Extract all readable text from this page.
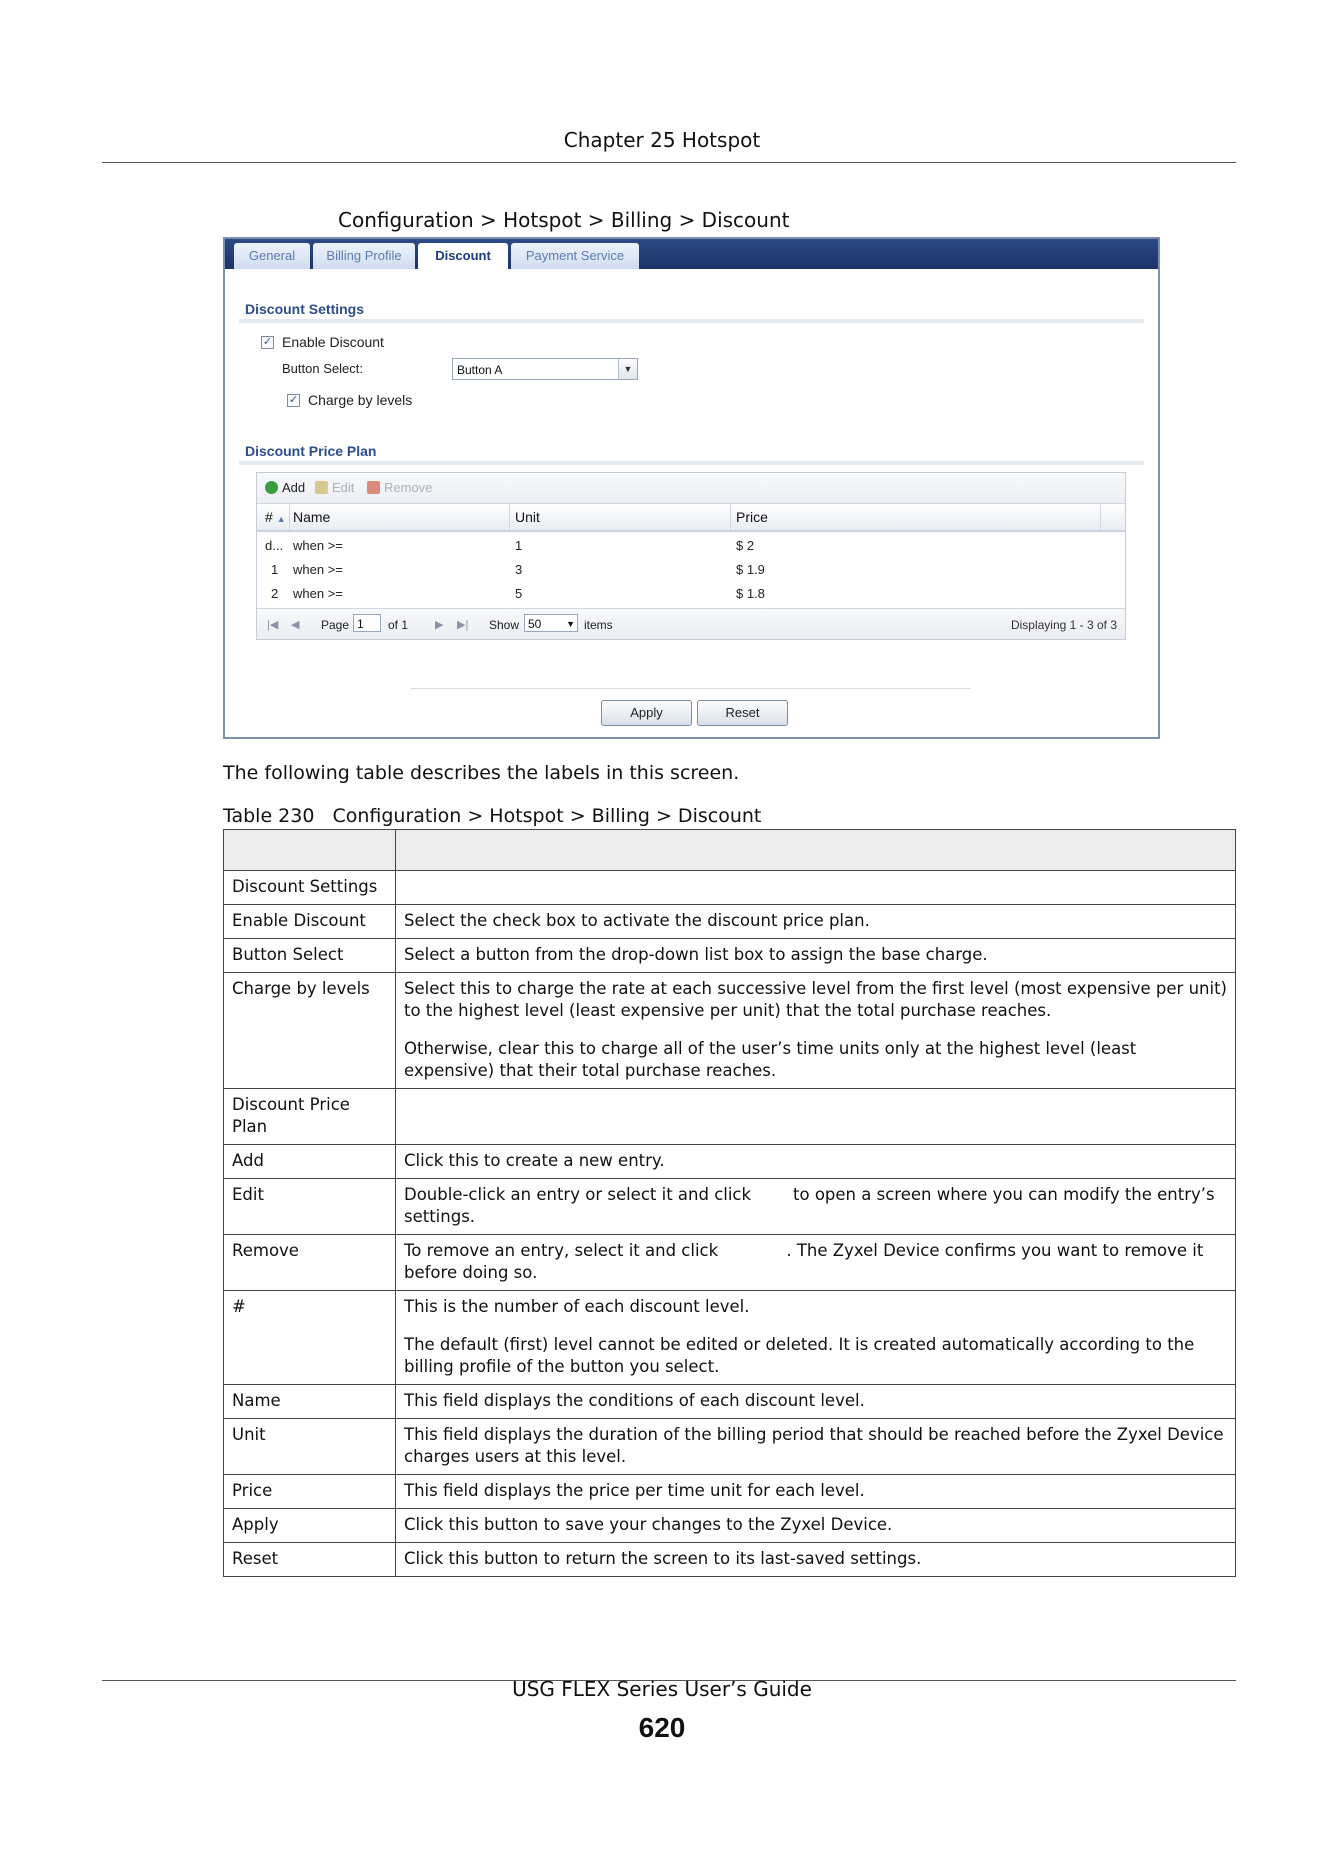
Chapter 25 Hotspot
Configuration > Hotspot > Billing > Discount
General	Billing Profile	Discount	Payment Service
Discount Settings
✓ Enable Discount
Button Select:	Button A	▼
✓ Charge by levels
Discount Price Plan
Add Edit Remove
# ▲ Name	Unit	Price
d... when >=	1	$ 2
1 when >=	3	$ 1.9
2 when >=	5	$ 1.8
|◀ ◀ Page 1	of 1 ▶ ▶| Show 50	▼ items	Displaying 1 - 3 of 3
Apply	Reset
The following table describes the labels in this screen.
Table 230 Configuration > Hotspot > Billing > Discount

Discount Settings	
Enable Discount	Select the check box to activate the discount price plan.

Button Select	Select a button from the drop-down list box to assign the base charge.

Charge by levels	Select this to charge the rate at each successive level from the first level (most expensive per unit) to the highest level (least expensive per unit) that the total purchase reaches.

Otherwise, clear this to charge all of the user’s time units only at the highest level (least expensive) that their total purchase reaches.

Discount Price Plan	
Add	Click this to create a new entry.

Edit	Double-click an entry or select it and click        to open a screen where you can modify the entry’s settings.

Remove	To remove an entry, select it and click             . The Zyxel Device confirms you want to remove it before doing so.

#	This is the number of each discount level.

The default (first) level cannot be edited or deleted. It is created automatically according to the billing profile of the button you select.

Name	This field displays the conditions of each discount level.

Unit	This field displays the duration of the billing period that should be reached before the Zyxel Device charges users at this level.

Price	This field displays the price per time unit for each level.

Apply	Click this button to save your changes to the Zyxel Device.

Reset	Click this button to return the screen to its last-saved settings.

USG FLEX Series User’s Guide
620
